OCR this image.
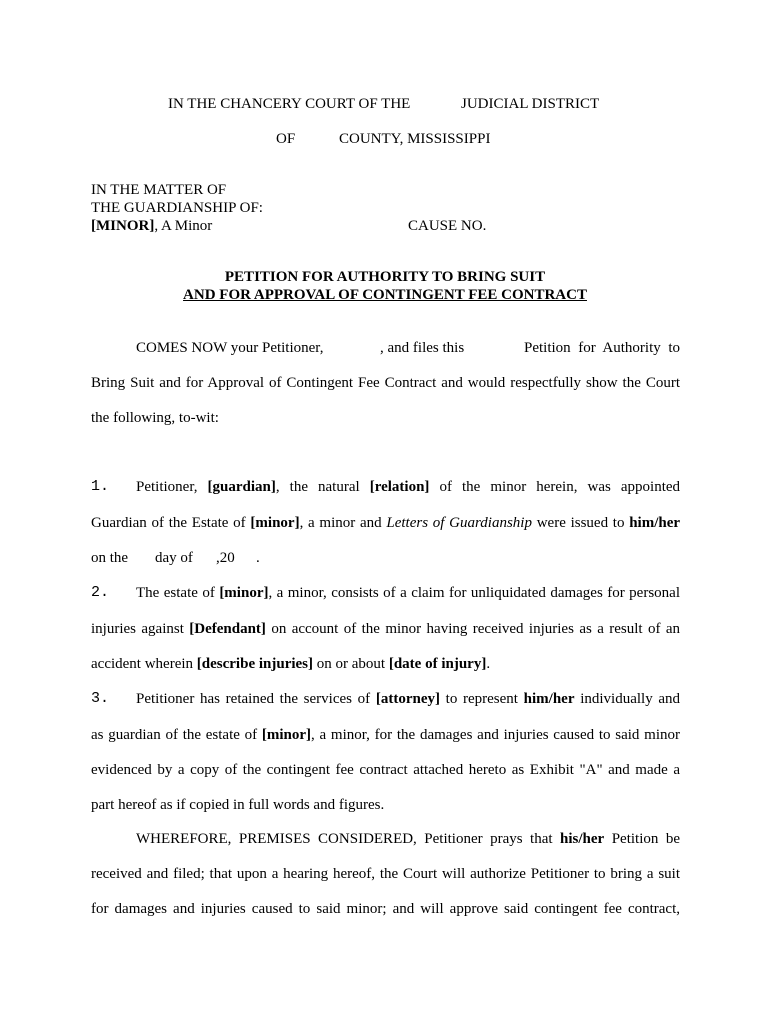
IN THE CHANCERY COURT OF THE	JUDICIAL DISTRICT
OF	COUNTY, MISSISSIPPI
IN THE MATTER OF
THE GUARDIANSHIP OF:
[MINOR], A Minor	CAUSE NO.
PETITION FOR AUTHORITY TO BRING SUIT
AND FOR APPROVAL OF CONTINGENT FEE CONTRACT
COMES NOW your Petitioner,	, and files this	Petition for Authority to
Bring Suit and for Approval of Contingent Fee Contract and would respectfully show the Court
the following, to-wit:
1. Petitioner, [guardian], the natural [relation] of the minor herein, was appointed
Guardian of the Estate of [minor], a minor and Letters of Guardianship were issued to him/her
on the day of ,20 .
2. The estate of [minor], a minor, consists of a claim for unliquidated damages for personal
injuries against [Defendant] on account of the minor having received injuries as a result of an
accident wherein [describe injuries] on or about [date of injury].
3. Petitioner has retained the services of [attorney] to represent him/her individually and
as guardian of the estate of [minor], a minor, for the damages and injuries caused to said minor
evidenced by a copy of the contingent fee contract attached hereto as Exhibit "A" and made a
part hereof as if copied in full words and figures.
WHEREFORE, PREMISES CONSIDERED, Petitioner prays that his/her Petition be
received and filed; that upon a hearing hereof, the Court will authorize Petitioner to bring a suit
for damages and injuries caused to said minor; and will approve said contingent fee contract,
